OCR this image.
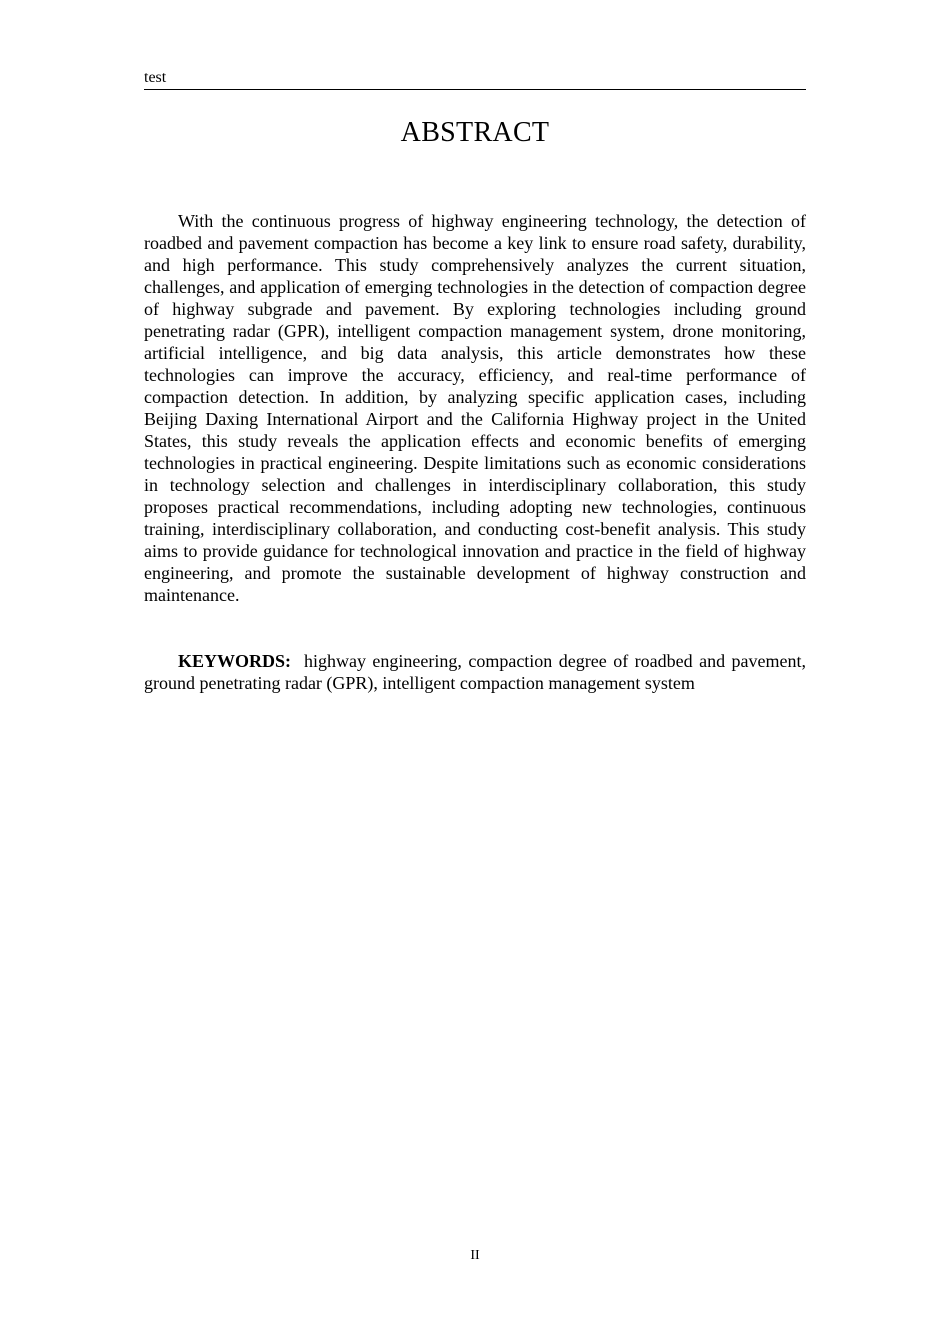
test
ABSTRACT

With the continuous progress of highway engineering technology, the detection of roadbed and pavement compaction has become a key link to ensure road safety, durability, and high performance. This study comprehensively analyzes the current situation, challenges, and application of emerging technologies in the detection of compaction degree of highway subgrade and pavement. By exploring technologies including ground penetrating radar (GPR), intelligent compaction management system, drone monitoring, artificial intelligence, and big data analysis, this article demonstrates how these technologies can improve the accuracy, efficiency, and real-time performance of compaction detection. In addition, by analyzing specific application cases, including Beijing Daxing International Airport and the California Highway project in the United States, this study reveals the application effects and economic benefits of emerging technologies in practical engineering. Despite limitations such as economic considerations in technology selection and challenges in interdisciplinary collaboration, this study proposes practical recommendations, including adopting new technologies, continuous training, interdisciplinary collaboration, and conducting cost-benefit analysis. This study aims to provide guidance for technological innovation and practice in the field of highway engineering, and promote the sustainable development of highway construction and maintenance.

KEYWORDS: highway engineering, compaction degree of roadbed and pavement, ground penetrating radar (GPR), intelligent compaction management system

II
